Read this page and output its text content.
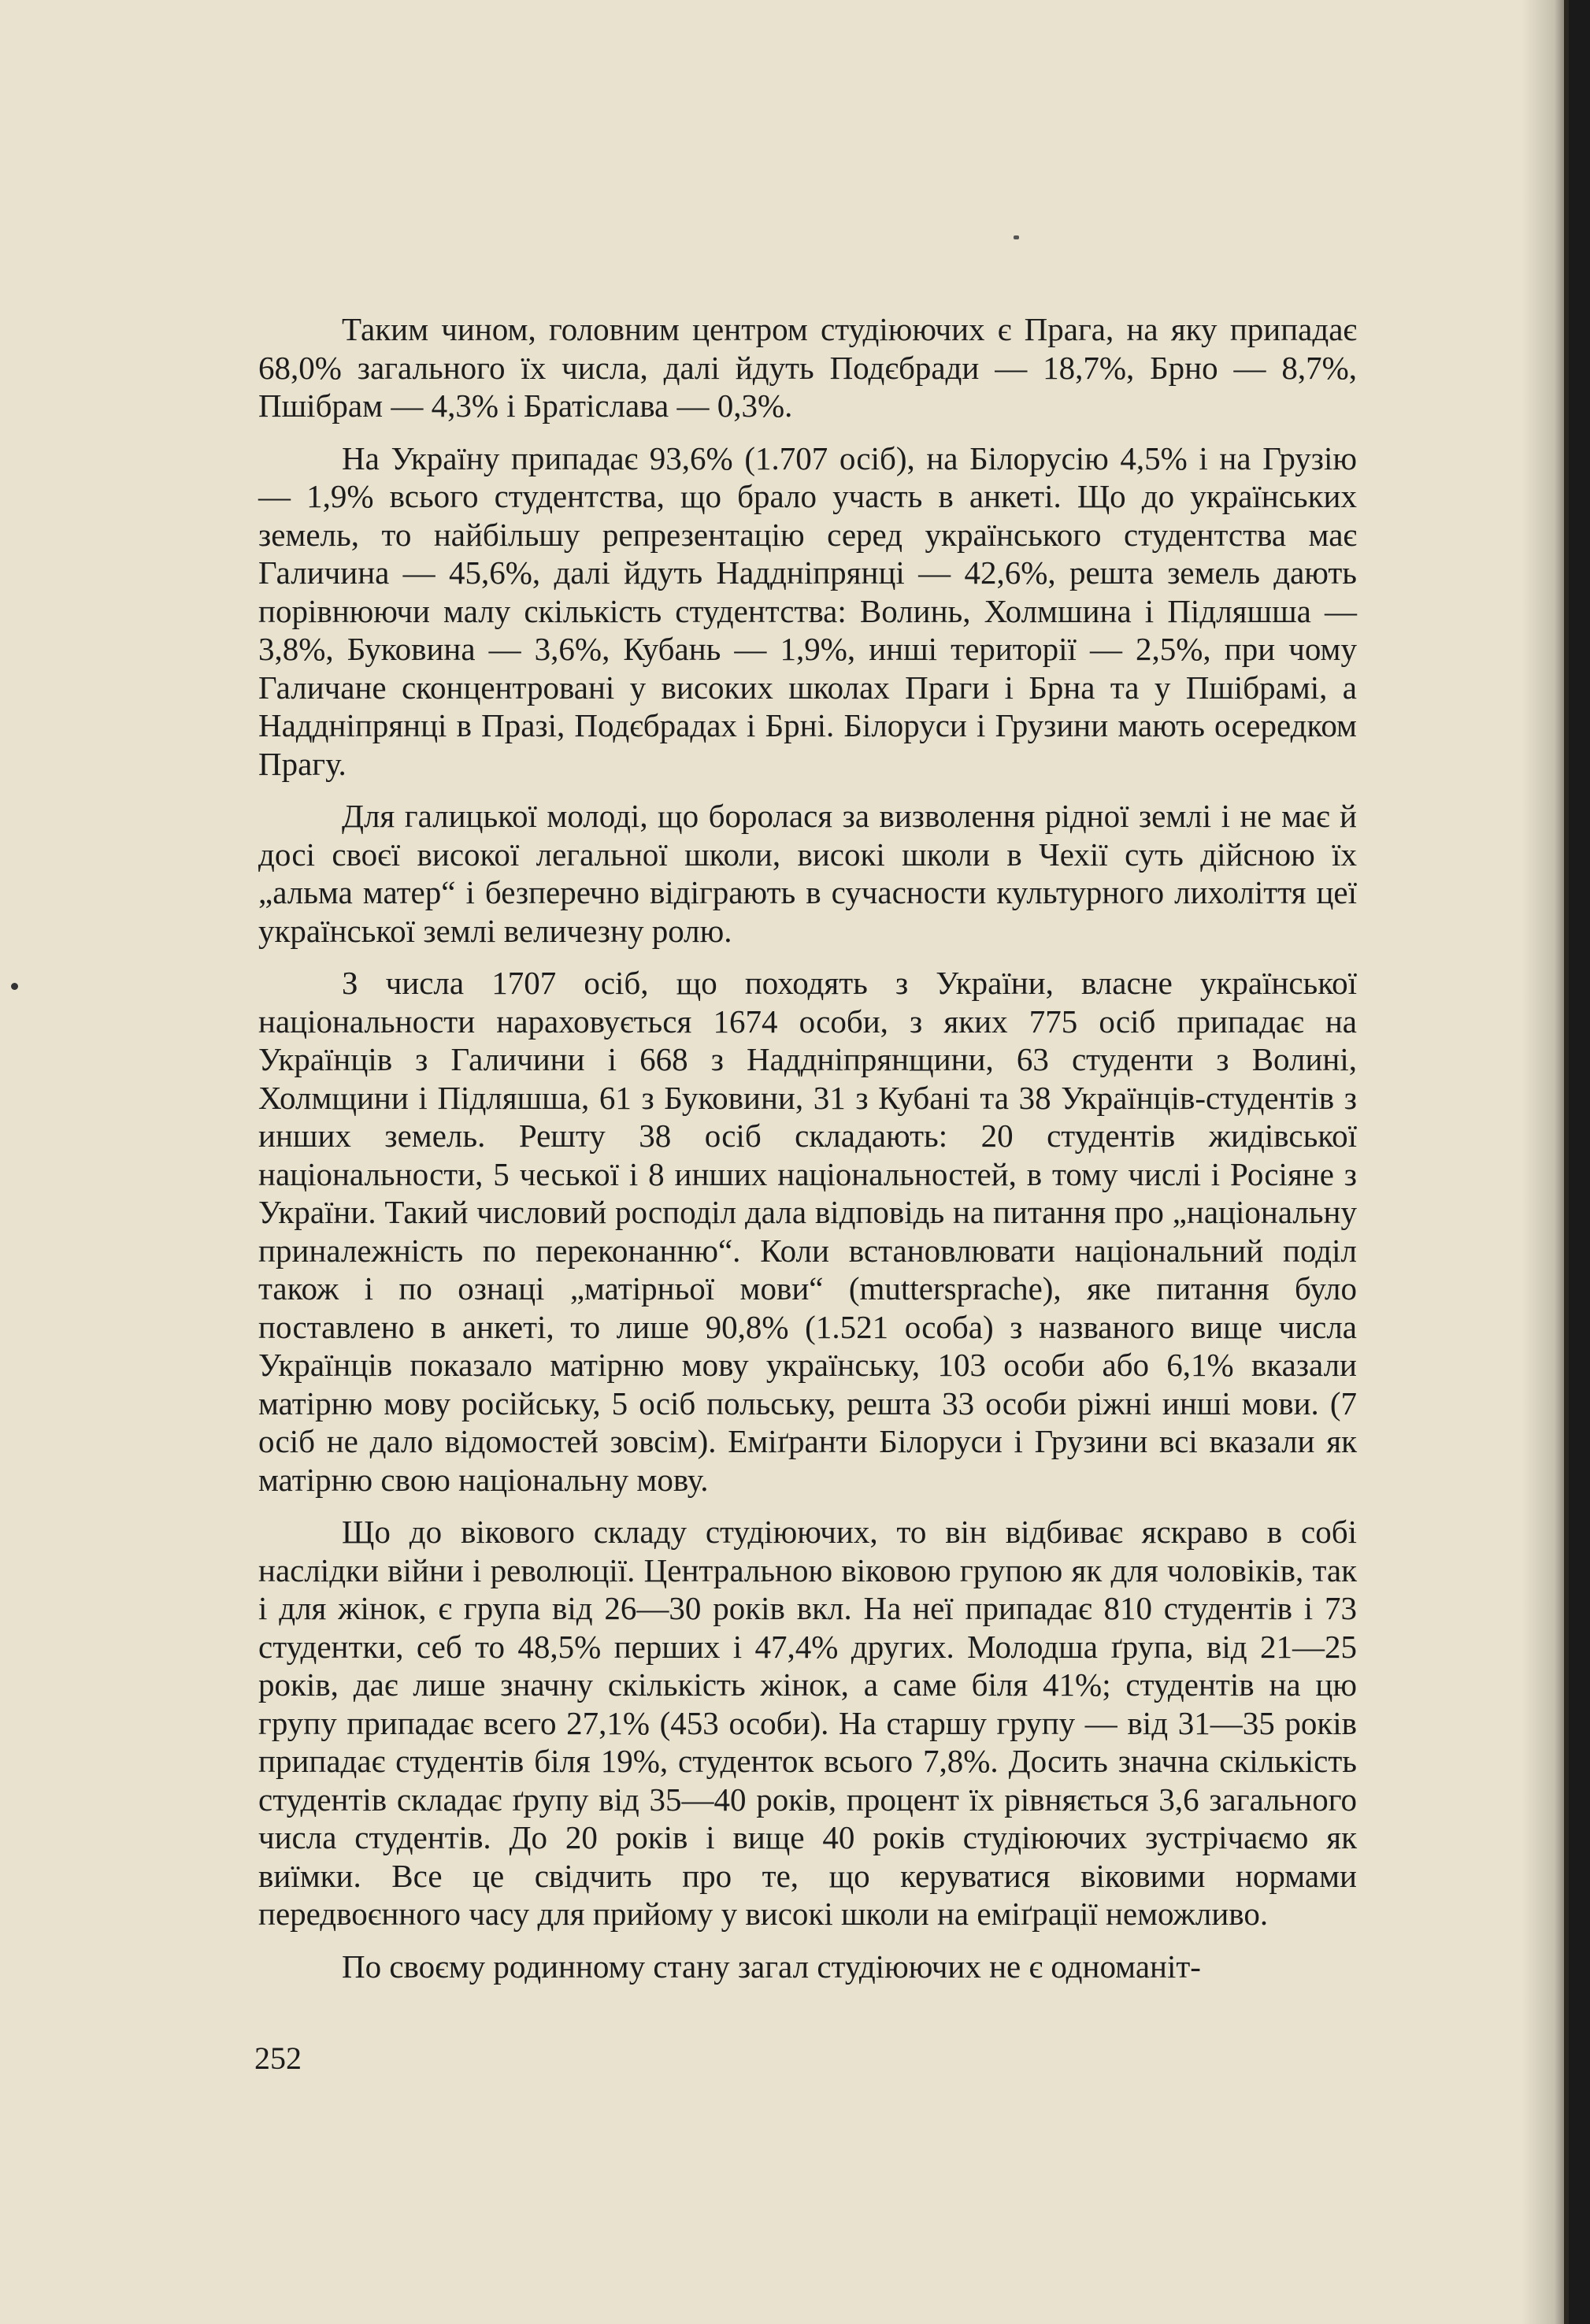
Таким чином, головним центром студіюючих є Прага, на яку припадає 68,0% загального їх числа, далі йдуть Подєбради — 18,7%, Брно — 8,7%, Пшібрам — 4,3% і Братіслава — 0,3%.

На Україну припадає 93,6% (1.707 осіб), на Білорусію 4,5% і на Грузію — 1,9% всього студентства, що брало участь в анкеті. Що до українських земель, то найбільшу репрезентацію серед українського студентства має Галичина — 45,6%, далі йдуть Наддніпрянці — 42,6%, решта земель дають порівнюючи малу скількість студентства: Волинь, Холмшина і Підляшша — 3,8%, Буковина — 3,6%, Кубань — 1,9%, инші території — 2,5%, при чому Галичане сконцентровані у високих школах Праги і Брна та у Пшібрамі, а Наддніпрянці в Празі, Подєбрадах і Брні. Білоруси і Грузини мають осередком Прагу.

Для галицької молоді, що боролася за визволення рідної землі і не має й досі своєї високої легальної школи, високі школи в Чехії суть дійсною їх „альма матер“ і безперечно відіграють в сучасности культурного лихоліття цеї української землі величезну ролю.

З числа 1707 осіб, що походять з України, власне української національности нараховується 1674 особи, з яких 775 осіб припадає на Українців з Галичини і 668 з Наддніпрянщини, 63 студенти з Волині, Холмщини і Підляшша, 61 з Буковини, 31 з Кубані та 38 Українців-студентів з инших земель. Решту 38 осіб складають: 20 студентів жидівської національности, 5 чеської і 8 инших національностей, в тому числі і Росіяне з України. Такий числовий росподіл дала відповідь на питання про „національну приналежність по переконанню“. Коли встановлювати національний поділ також і по ознаці „матірньої мови“ (muttersprache), яке питання було поставлено в анкеті, то лише 90,8% (1.521 особа) з названого вище числа Українців показало матірню мову українську, 103 особи або 6,1% вказали матірню мову російську, 5 осіб польську, решта 33 особи ріжні инші мови. (7 осіб не дало відомостей зовсім). Еміґранти Білоруси і Грузини всі вказали як матірню свою національну мову.

Що до вікового складу студіюючих, то він відбиває яскраво в собі наслідки війни і революції. Центральною віковою групою як для чоловіків, так і для жінок, є група від 26—30 років вкл. На неї припадає 810 студентів і 73 студентки, себ то 48,5% перших і 47,4% других. Молодша ґрупа, від 21—25 років, дає лише значну скількість жінок, а саме біля 41%; студентів на цю групу припадає всего 27,1% (453 особи). На старшу групу — від 31—35 років припадає студентів біля 19%, студенток всього 7,8%. Досить значна скількість студентів складає ґрупу від 35—40 років, процент їх рівняється 3,6 загального числа студентів. До 20 років і вище 40 років студіюючих зустрічаємо як виїмки. Все це свідчить про те, що керуватися віковими нормами передвоєнного часу для прийому у високі школи на еміґрації неможливо.

По своєму родинному стану загал студіюючих не є одноманіт-

252
